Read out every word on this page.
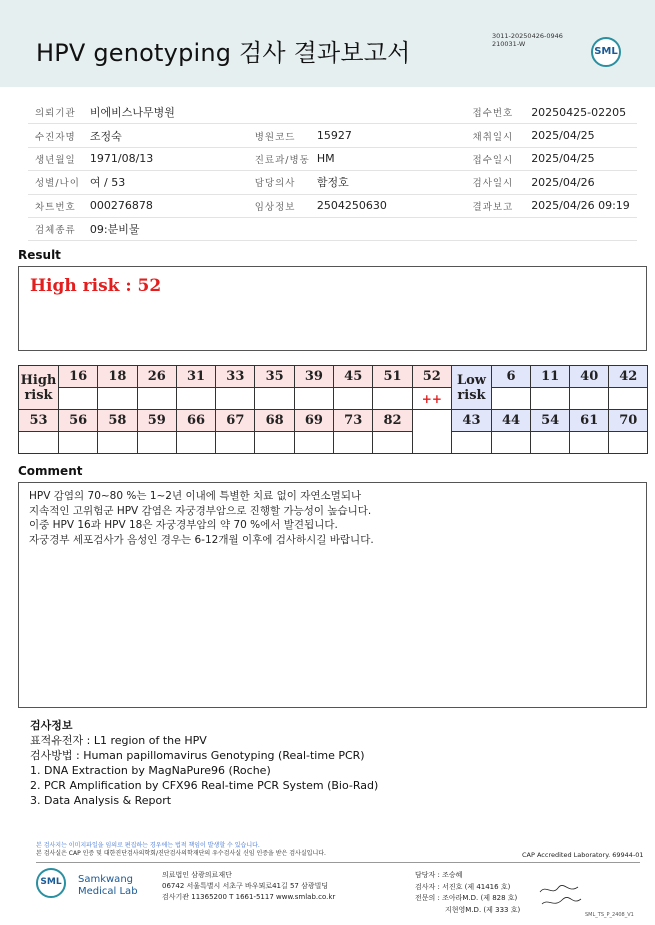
HPV genotyping 검사 결과보고서
3011-20250426-0946
210031-W
SML
의뢰기관	비에비스나무병원			접수번호	20250425-02205
수진자명	조정숙	병원코드	15927	채취일시	2025/04/25
생년월일	1971/08/13	진료과/병동	HM	접수일시	2025/04/25
성별/나이	여 / 53	담당의사	함정호	검사일시	2025/04/26
차트번호	000276878	임상정보	2504250630	결과보고	2025/04/26 09:19
검체종류	09:분비물				
Result
High risk : 52
High risk	16	18	26	31	33	35	39	45	51	52	Low risk	6	11	40	42
										++					
53	56	58	59	66	67	68	69	73	82		43	44	54	61	70

Comment
HPV 감염의 70~80 %는 1~2년 이내에 특별한 치료 없이 자연소멸되나
지속적인 고위험군 HPV 감염은 자궁경부암으로 진행할 가능성이 높습니다.
이중 HPV 16과 HPV 18은 자궁경부암의 약 70 %에서 발견됩니다.
자궁경부 세포검사가 음성인 경우는 6-12개월 이후에 검사하시길 바랍니다.
검사정보
표적유전자 : L1 region of the HPV
검사방법 : Human papillomavirus Genotyping (Real-time PCR)
1. DNA Extraction by MagNaPure96 (Roche)
2. PCR Amplification by CFX96 Real-time PCR System (Bio-Rad)
3. Data Analysis & Report
본 검사지는 이미지파일을 임의로 편집하는 경우에는 법적 책임이 발생할 수 있습니다.
본 검사실은 CAP 인증 및 대한진단검사의학회/진단검사의학재단의 우수검사실 신임 인증을 받은 검사실입니다.	CAP Accredited Laboratory. 69944-01
SML Samkwang
Medical Lab
의료법인 삼광의료재단
06742 서울특별시 서초구 바우뫼로41길 57 삼광빌딩
검사기관 11365200 T 1661-5117 www.smlab.co.kr
담당자 : 조승혜
검사자 : 서진호 (제 41416 호)
전문의 : 조아라M.D. (제 828 호)
지현영M.D. (제 333 호)
SML_TS_P_2408_V1
